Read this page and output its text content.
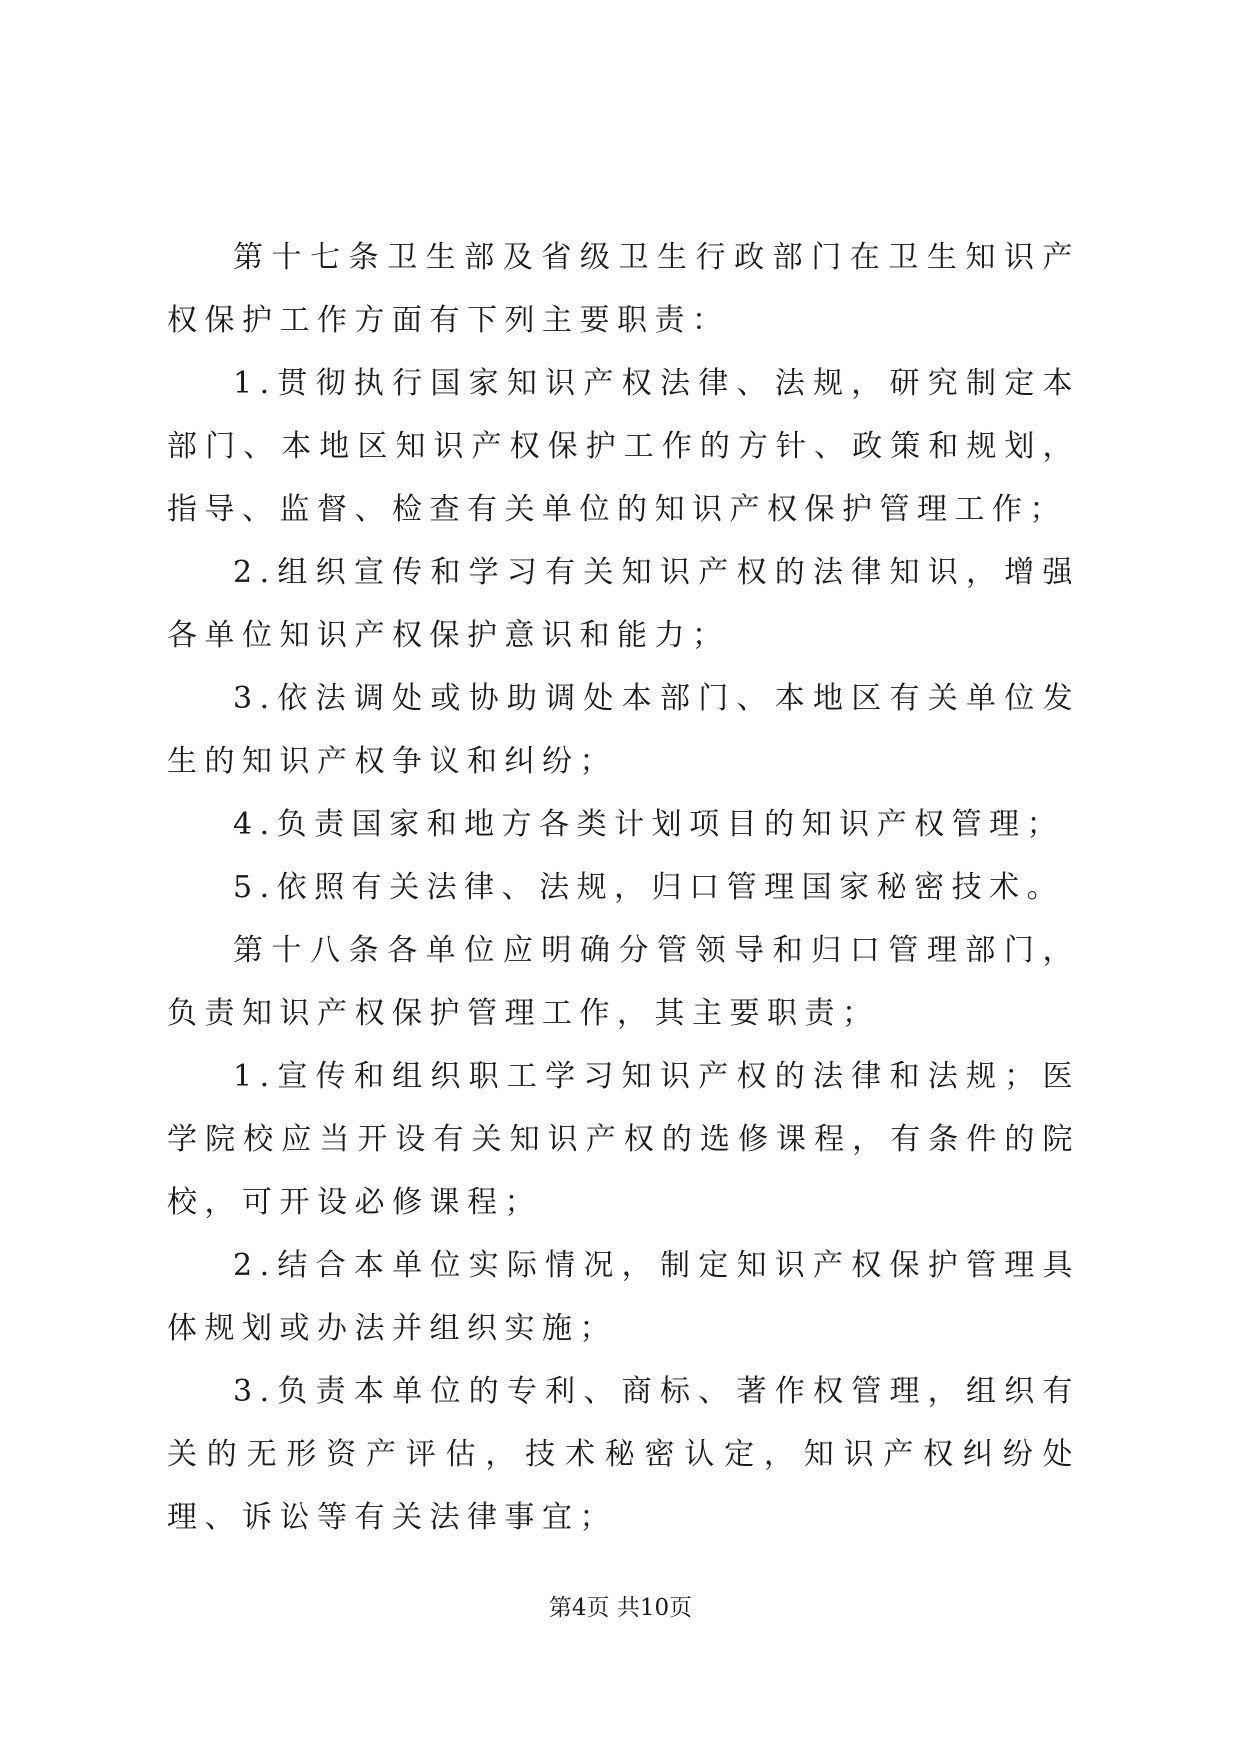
第十七条卫生部及省级卫生行政部门在卫生知识产权保护工作方面有下列主要职责：

1.贯彻执行国家知识产权法律、法规，研究制定本部门、本地区知识产权保护工作的方针、政策和规划，指导、监督、检查有关单位的知识产权保护管理工作；

2.组织宣传和学习有关知识产权的法律知识，增强各单位知识产权保护意识和能力；

3.依法调处或协助调处本部门、本地区有关单位发生的知识产权争议和纠纷；

4.负责国家和地方各类计划项目的知识产权管理；

5.依照有关法律、法规，归口管理国家秘密技术。

第十八条各单位应明确分管领导和归口管理部门，负责知识产权保护管理工作，其主要职责；

1.宣传和组织职工学习知识产权的法律和法规；医学院校应当开设有关知识产权的选修课程，有条件的院校，可开设必修课程；

2.结合本单位实际情况，制定知识产权保护管理具体规划或办法并组织实施；

3.负责本单位的专利、商标、著作权管理，组织有关的无形资产评估，技术秘密认定，知识产权纠纷处理、诉讼等有关法律事宜；

第4页 共10页
